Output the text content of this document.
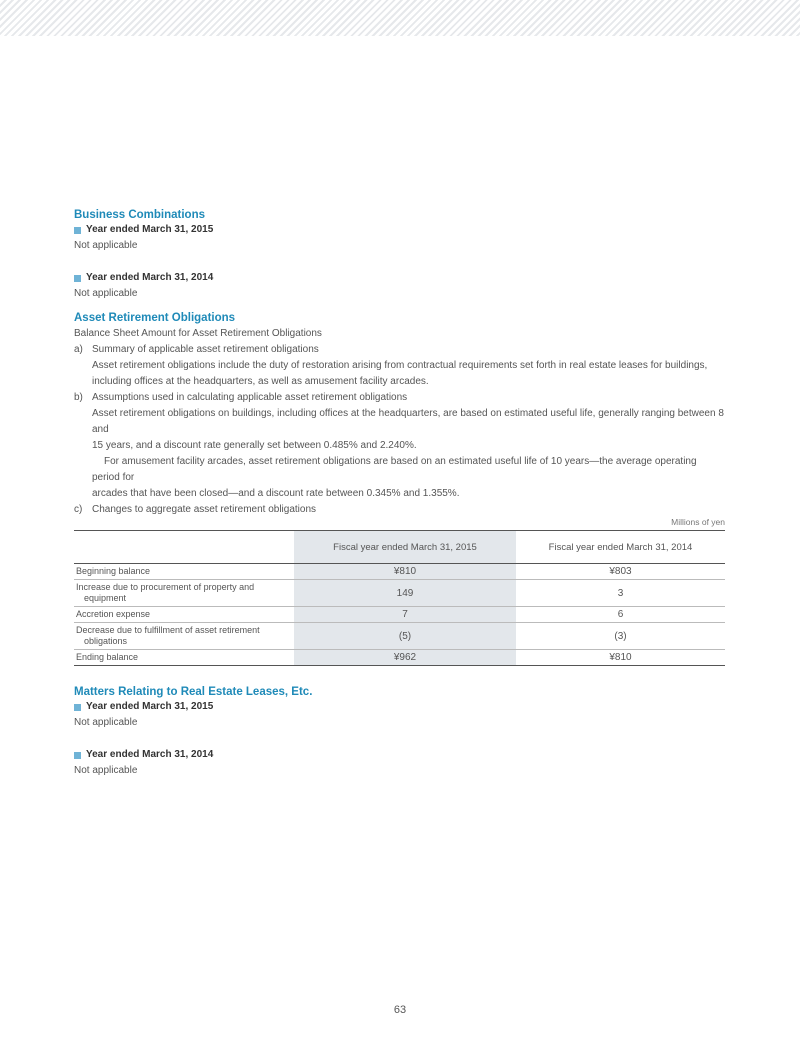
Business Combinations
Year ended March 31, 2015
Not applicable
Year ended March 31, 2014
Not applicable
Asset Retirement Obligations
Balance Sheet Amount for Asset Retirement Obligations
a) Summary of applicable asset retirement obligations
Asset retirement obligations include the duty of restoration arising from contractual requirements set forth in real estate leases for buildings,
including offices at the headquarters, as well as amusement facility arcades.
b) Assumptions used in calculating applicable asset retirement obligations
Asset retirement obligations on buildings, including offices at the headquarters, are based on estimated useful life, generally ranging between 8 and
15 years, and a discount rate generally set between 0.485% and 2.240%.
For amusement facility arcades, asset retirement obligations are based on an estimated useful life of 10 years—the average operating period for
arcades that have been closed—and a discount rate between 0.345% and 1.355%.
c) Changes to aggregate asset retirement obligations
Millions of yen
	Fiscal year ended March 31, 2015	Fiscal year ended March 31, 2014
Beginning balance	¥810	¥803

Increase due to procurement of property and
equipment	149	3
Accretion expense	7	6

Decrease due to fulfillment of asset retirement
obligations	(5)	(3)
Ending balance	¥962	¥810
Matters Relating to Real Estate Leases, Etc.
Year ended March 31, 2015
Not applicable
Year ended March 31, 2014
Not applicable
63
